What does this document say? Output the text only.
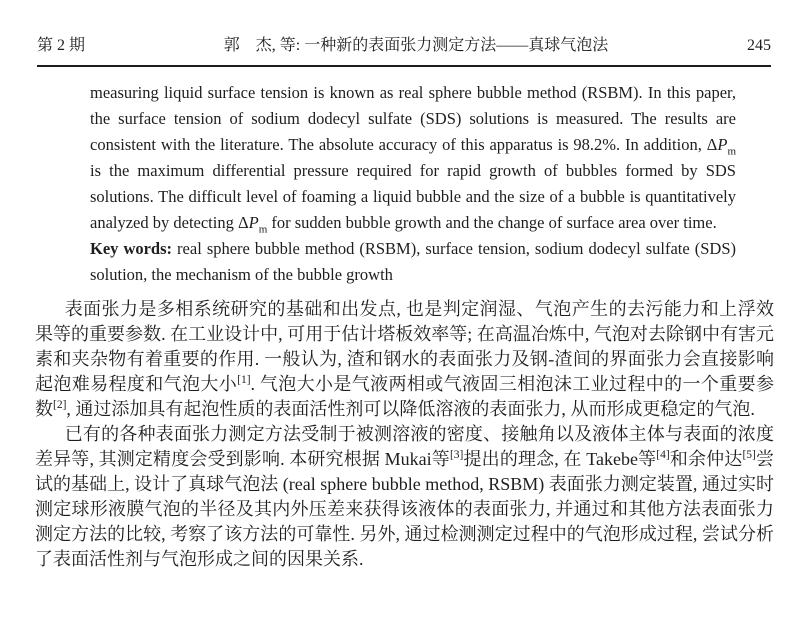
第 2 期	郭　杰, 等: 一种新的表面张力测定方法——真球气泡法	245

measuring liquid surface tension is known as real sphere bubble method (RSBM). In this paper, the surface tension of sodium dodecyl sulfate (SDS) solutions is measured. The results are consistent with the literature. The absolute accuracy of this apparatus is 98.2%. In addition, $\Delta P_m$ is the maximum differential pressure required for rapid growth of bubbles formed by SDS solutions. The difficult level of foaming a liquid bubble and the size of a bubble is quantitatively analyzed by detecting $\Delta P_m$ for sudden bubble growth and the change of surface area over time.

Key words: real sphere bubble method (RSBM), surface tension, sodium dodecyl sulfate (SDS) solution, the mechanism of the bubble growth

表面张力是多相系统研究的基础和出发点, 也是判定润湿、气泡产生的去污能力和上浮效果等的重要参数. 在工业设计中, 可用于估计塔板效率等; 在高温冶炼中, 气泡对去除钢中有害元素和夹杂物有着重要的作用. 一般认为, 渣和钢水的表面张力及钢-渣间的界面张力会直接影响起泡难易程度和气泡大小[1]. 气泡大小是气液两相或气液固三相泡沫工业过程中的一个重要参数[2], 通过添加具有起泡性质的表面活性剂可以降低溶液的表面张力, 从而形成更稳定的气泡.

已有的各种表面张力测定方法受制于被测溶液的密度、接触角以及液体主体与表面的浓度差异等, 其测定精度会受到影响. 本研究根据 Mukai等[3]提出的理念, 在 Takebe等[4]和余仲达[5]尝试的基础上, 设计了真球气泡法 (real sphere bubble method, RSBM) 表面张力测定装置, 通过实时测定球形液膜气泡的半径及其内外压差来获得该液体的表面张力, 并通过和其他方法表面张力测定方法的比较, 考察了该方法的可靠性. 另外, 通过检测测定过程中的气泡形成过程, 尝试分析了表面活性剂与气泡形成之间的因果关系.
